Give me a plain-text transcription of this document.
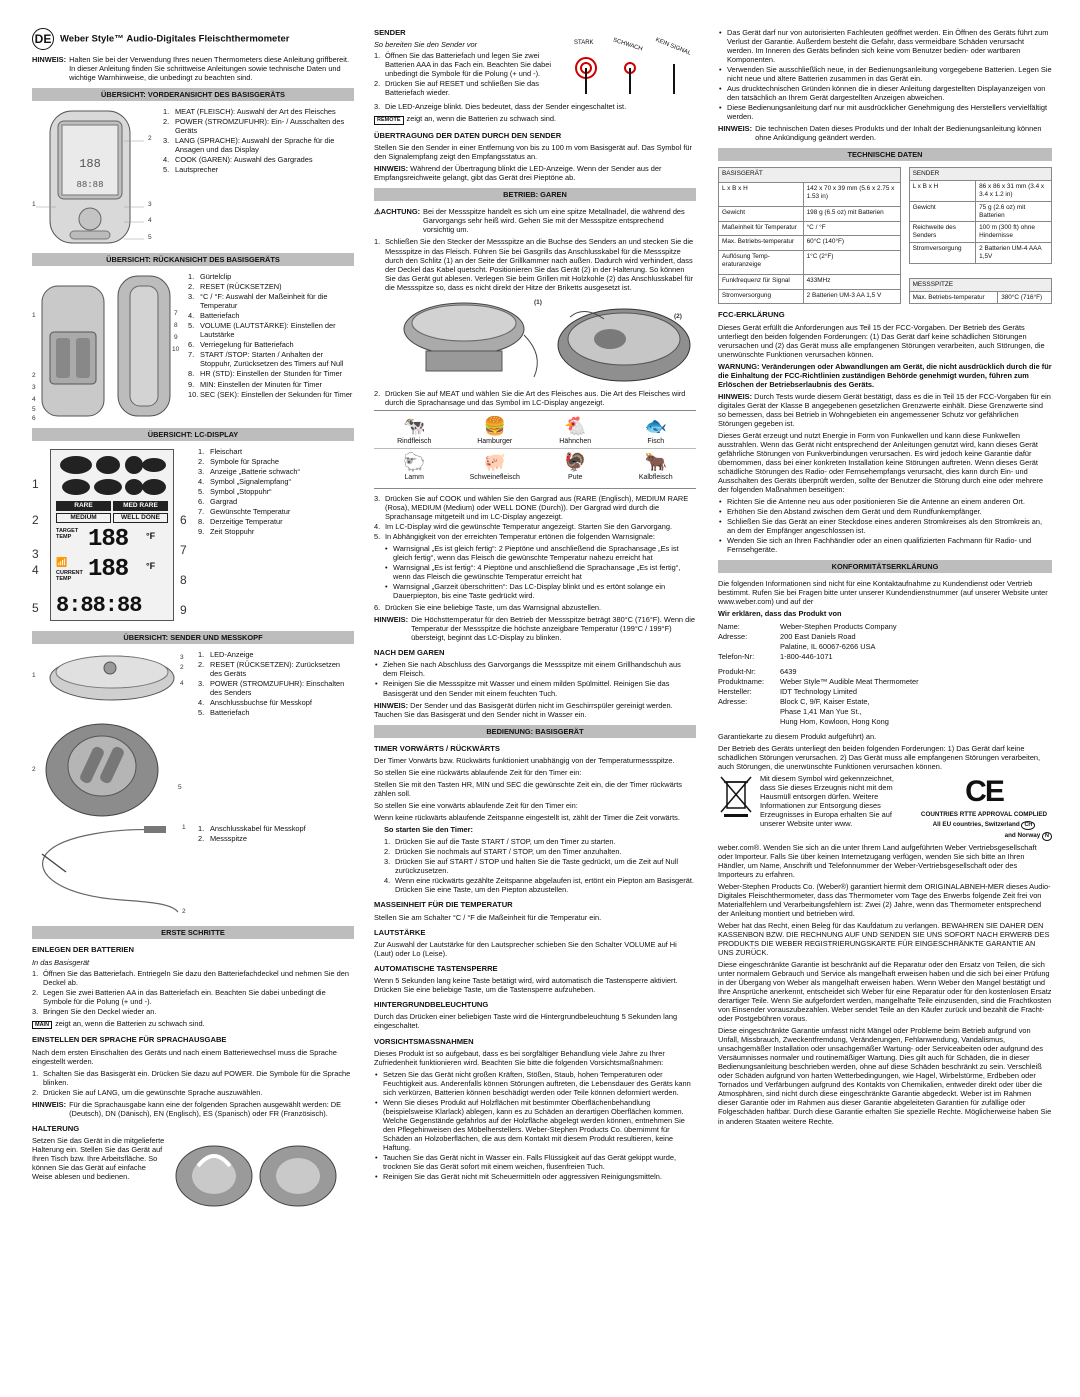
DE Weber Style™ Audio-Digitales Fleischthermometer
HINWEIS: Halten Sie bei der Verwendung Ihres neuen Thermometers diese Anleitung griffbereit. In dieser Anleitung finden Sie schrittweise Anleitungen sowie technische Daten und wichtige Warnhinweise, die unbedingt zu beachten sind.
ÜBERSICHT: VORDERANSICHT DES BASISGERÄTS
188
88:88
1
2
3
4
5
1. MEAT (FLEISCH): Auswahl der Art des Fleisches
2. POWER (STROMZUFUHR): Ein- / Ausschalten des Geräts
3. LANG (SPRACHE): Auswahl der Sprache für die Ansagen und das Display
4. COOK (GAREN): Auswahl des Gargrades
5. Lautsprecher
ÜBERSICHT: RÜCKANSICHT DES BASISGERÄTS
1
2
3
4
5
6
7
8
9
10
1. Gürtelclip
2. RESET (RÜCKSETZEN)
3. °C / °F: Auswahl der Maßeinheit für die Temperatur
4. Batteriefach
5. VOLUME (LAUTSTÄRKE): Einstellen der Lautstärke
6. Verriegelung für Batteriefach
7. START /STOP: Starten / Anhalten der Stoppuhr, Zurücksetzen des Timers auf Null
8. HR (STD): Einstellen der Stunden für Timer
9. MIN: Einstellen der Minuten für Timer
10. SEC (SEK): Einstellen der Sekunden für Timer
ÜBERSICHT: LC-DISPLAY
RARE	MED RARE
MEDIUM	WELL DONE
TARGET TEMP 188 °F
📶
CURRENT TEMP 188 °F
8:88:88
1
2
3
4
5
6
7
8
9
1. Fleischart
2. Symbole für Sprache
3. Anzeige „Batterie schwach“
4. Symbol „Signalempfang“
5. Symbol „Stoppuhr“
6. Gargrad
7. Gewünschte Temperatur
8. Derzeitige Temperatur
9. Zeit Stoppuhr
ÜBERSICHT: SENDER UND MESSKOPF
3
2
1
4
2
5
1. LED-Anzeige
2. RESET (RÜCKSETZEN): Zurücksetzen des Geräts
3. POWER (STROMZUFUHR): Einschalten des Senders
4. Anschlussbuchse für Messkopf
5. Batteriefach
1
2
1. Anschlusskabel für Messkopf
2. Messspitze
ERSTE SCHRITTE
EINLEGEN DER BATTERIEN
In das Basisgerät
1. Öffnen Sie das Batteriefach. Entriegeln Sie dazu den Batteriefachdeckel und nehmen Sie den Deckel ab.
2. Legen Sie zwei Batterien AA in das Batteriefach ein. Beachten Sie dabei unbedingt die Symbole für die Polung (+ und -).
3. Bringen Sie den Deckel wieder an.

MAIN zeigt an, wenn die Batterien zu schwach sind.

EINSTELLEN DER SPRACHE FÜR SPRACHAUSGABE

Nach dem ersten Einschalten des Geräts und nach einem Batteriewechsel muss die Sprache eingestellt werden.

1. Schalten Sie das Basisgerät ein. Drücken Sie dazu auf POWER. Die Symbole für die Sprache blinken.
2. Drücken Sie auf LANG, um die gewünschte Sprache auszuwählen.
HINWEIS: Für die Sprachausgabe kann eine der folgenden Sprachen ausgewählt werden: DE (Deutsch), DN (Dänisch), EN (Englisch), ES (Spanisch) oder FR (Französisch).
HALTERUNG

Setzen Sie das Gerät in die mitgelieferte Halterung ein. Stellen Sie das Gerät auf Ihren Tisch bzw. Ihre Arbeitsfläche. So können Sie das Gerät auf einfache Weise ablesen und bedienen.

SENDER
So bereiten Sie den Sender vor
1. Öffnen Sie das Batteriefach und legen Sie zwei Batterien AAA in das Fach ein. Beachten Sie dabei unbedingt die Symbole für die Polung (+ und -).
2. Drücken Sie auf RESET und schließen Sie das Batteriefach wieder.
STARK	SCHWACH KEIN SIGNAL
3. Die LED-Anzeige blinkt. Dies bedeutet, dass der Sender eingeschaltet ist.

REMOTE zeigt an, wenn die Batterien zu schwach sind.

ÜBERTRAGUNG DER DATEN DURCH DEN SENDER

Stellen Sie den Sender in einer Entfernung von bis zu 100 m vom Basisgerät auf. Das Symbol für den Signalempfang zeigt den Empfangsstatus an.

HINWEIS: Während der Übertragung blinkt die LED-Anzeige. Wenn der Sender aus der Empfangsreichweite gelangt, gibt das Gerät drei Pieptöne ab.

BETRIEB: GAREN
⚠ACHTUNG: Bei der Messspitze handelt es sich um eine spitze Metallnadel, die während des Garvorgangs sehr heiß wird. Gehen Sie mit der Messspitze entsprechend vorsichtig um.
1. Schließen Sie den Stecker der Messspitze an die Buchse des Senders an und stecken Sie die Messspitze in das Fleisch. Führen Sie bei Gasgrills das Anschlusskabel für die Messspitze durch den Schlitz (1) an der Seite der Grillkammer nach außen. Dadurch wird verhindert, dass der Deckel das Kabel quetscht. Positionieren Sie das Gerät (2) in der Halterung. So können Sie das Gerät gut ablesen. Verlegen Sie beim Grillen mit Holzkohle (2) das Anschlusskabel für die Messspitze so, dass es nicht direkt der Hitze der Briketts ausgesetzt ist.
(1)
(2)
2. Drücken Sie auf MEAT und wählen Sie die Art des Fleisches aus. Die Art des Fleisches wird durch die Sprachansage und das Symbol im LC-Display angezeigt.
🐄
Rindfleisch
🍔
Hamburger
🐔
Hähnchen
🐟
Fisch
🐑
Lamm
🐖
Schweinefleisch
🦃
Pute
🐂
Kalbfleisch
3. Drücken Sie auf COOK und wählen Sie den Gargrad aus (RARE (Englisch), MEDIUM RARE (Rosa), MEDIUM (Medium) oder WELL DONE (Durch)). Der Gargrad wird durch die Sprachansage mitgeteilt und im LC-Display angezeigt.
4. Im LC-Display wird die gewünschte Temperatur angezeigt. Starten Sie den Garvorgang.
5. In Abhängigkeit von der erreichten Temperatur ertönen die folgenden Warnsignale:
• Warnsignal „Es ist gleich fertig“: 2 Pieptöne und anschließend die Sprachansage „Es ist gleich fertig“, wenn das Fleisch die gewünschte Temperatur nahezu erreicht hat
• Warnsignal „Es ist fertig“: 4 Pieptöne und anschließend die Sprachansage „Es ist fertig“, wenn das Fleisch die gewünschte Temperatur erreicht hat
• Warnsignal „Garzeit überschritten“: Das LC-Display blinkt und es ertönt solange ein Dauerpiepton, bis eine Taste gedrückt wird.
6. Drücken Sie eine beliebige Taste, um das Warnsignal abzustellen.
HINWEIS: Die Höchsttemperatur für den Betrieb der Messspitze beträgt 380°C (716°F). Wenn die Temperatur der Messspitze die höchste anzeigbare Temperatur (199°C / 199°F) übersteigt, beginnt das LC-Display zu blinken.
NACH DEM GAREN
• Ziehen Sie nach Abschluss des Garvorgangs die Messspitze mit einem Grillhandschuh aus dem Fleisch.
• Reinigen Sie die Messspitze mit Wasser und einem milden Spülmittel. Reinigen Sie das Basisgerät und den Sender mit einem feuchten Tuch.

HINWEIS: Der Sender und das Basisgerät dürfen nicht im Geschirrspüler gereinigt werden. Tauchen Sie das Basisgerät und den Sender nicht in Wasser ein.

BEDIENUNG: BASISGERÄT
TIMER VORWÄRTS / RÜCKWÄRTS

Der Timer Vorwärts bzw. Rückwärts funktioniert unabhängig von der Temperaturmessspitze.

So stellen Sie eine rückwärts ablaufende Zeit für den Timer ein:

Stellen Sie mit den Tasten HR, MIN und SEC die gewünschte Zeit ein, die der Timer rückwärts zählen soll.

So stellen Sie eine vorwärts ablaufende Zeit für den Timer ein:

Wenn keine rückwärts ablaufende Zeitspanne eingestellt ist, zählt der Timer die Zeit vorwärts.

So starten Sie den Timer:

1. Drücken Sie auf die Taste START / STOP, um den Timer zu starten.
2. Drücken Sie nochmals auf START / STOP, um den Timer anzuhalten.
3. Drücken Sie auf START / STOP und halten Sie die Taste gedrückt, um die Zeit auf Null zurückzusetzen.
4. Wenn eine rückwärts gezählte Zeitspanne abgelaufen ist, ertönt ein Piepton am Basisgerät. Drücken Sie eine Taste, um den Piepton abzustellen.
MASSEINHEIT FÜR DIE TEMPERATUR

Stellen Sie am Schalter °C / °F die Maßeinheit für die Temperatur ein.

LAUTSTÄRKE

Zur Auswahl der Lautstärke für den Lautsprecher schieben Sie den Schalter VOLUME auf Hi (Laut) oder Lo (Leise).

AUTOMATISCHE TASTENSPERRE

Wenn 5 Sekunden lang keine Taste betätigt wird, wird automatisch die Tastensperre aktiviert. Drücken Sie eine beliebige Taste, um die Tastensperre aufzuheben.

HINTERGRUNDBELEUCHTUNG

Durch das Drücken einer beliebigen Taste wird die Hintergrundbeleuchtung 5 Sekunden lang eingeschaltet.

VORSICHTSMASSNAHMEN

Dieses Produkt ist so aufgebaut, dass es bei sorgfältiger Behandlung viele Jahre zu Ihrer Zufriedenheit funktionieren wird. Beachten Sie bitte die folgenden Vorsichtsmaßnahmen:

• Setzen Sie das Gerät nicht großen Kräften, Stößen, Staub, hohen Temperaturen oder Feuchtigkeit aus. Anderenfalls können Störungen auftreten, die Lebensdauer des Geräts kann sich verkürzen, Batterien können beschädigt werden oder Teile können deformiert werden.
• Wenn Sie dieses Produkt auf Holzflächen mit bestimmter Oberflächenbehandlung (beispielsweise Klarlack) ablegen, kann es zu Schäden an derartigen Oberflächen kommen. Welche Gegenstände gefahrlos auf der Holzfläche abgelegt werden können, entnehmen Sie den Pflegehinweisen des Möbelherstellers. Weber-Stephen Products Co. übernimmt für Schäden an Holzoberflächen, die aus dem Kontakt mit diesem Produkt resultieren, keine Haftung.
• Tauchen Sie das Gerät nicht in Wasser ein. Falls Flüssigkeit auf das Gerät gekippt wurde, trocknen Sie das Gerät sofort mit einem weichen, flusenfreien Tuch.
• Reinigen Sie das Gerät nicht mit Scheuermitteln oder aggressiven Reinigungsmitteln.
• Das Gerät darf nur von autorisierten Fachleuten geöffnet werden. Ein Öffnen des Geräts führt zum Verlust der Garantie. Außerdem besteht die Gefahr, dass vermeidbare Schäden verursacht werden. Im Inneren des Geräts befinden sich keine vom Benutzer bedien- oder wartbaren Komponenten.
• Verwenden Sie ausschließlich neue, in der Bedienungsanleitung vorgegebene Batterien. Legen Sie nicht neue und ältere Batterien zusammen in das Gerät ein.
• Aus drucktechnischen Gründen können die in dieser Anleitung dargestellten Displayanzeigen von den tatsächlich an Ihrem Gerät dargestellten Anzeigen abweichen.
• Diese Bedienungsanleitung darf nur mit ausdrücklicher Genehmigung des Herstellers vervielfältigt werden.
HINWEIS: Die technischen Daten dieses Produkts und der Inhalt der Bedienungsanleitung können ohne Ankündigung geändert werden.
TECHNISCHE DATEN
BASISGERÄT	
L x B x H	142 x 70 x 39 mm (5.6 x 2.75 x 1.53 in)
Gewicht	198 g (6.5 oz) mit Batterien
Maßeinheit für Temperatur	°C / °F
Max. Betriebs-temperatur	60°C (140°F)
Auflösung Temp-eraturanzeige	1°C (2°F)
Funkfrequenz für Signal	433MHz
Stromversorgung	2 Batterien UM-3 AA 1,5 V
SENDER	
L x B x H	86 x 86 x 31 mm (3.4 x 3.4 x 1.2 in)
Gewicht	75 g (2.6 oz) mit Batterien
Reichweite des Senders	100 m (300 ft) ohne Hindernisse
Stromversorgung	2 Batterien UM-4 AAA 1,5V
MESSSPITZE
Max. Betriebs-temperatur	380°C (716°F)
FCC-ERKLÄRUNG

Dieses Gerät erfüllt die Anforderungen aus Teil 15 der FCC-Vorgaben. Der Betrieb des Geräts unterliegt den beiden folgenden Forderungen: (1) Das Gerät darf keine schädlichen Störungen verursachen und (2) das Gerät muss alle empfangenen Störungen verarbeiten, auch Störungen, die unerwünschte Funktionen verursachen können.

WARNUNG: Veränderungen oder Abwandlungen am Gerät, die nicht ausdrücklich durch die für die Einhaltung der FCC-Richtlinien zuständigen Behörde genehmigt wurden, führen zum Erlöschen der Betriebserlaubnis des Geräts.

HINWEIS: Durch Tests wurde diesem Gerät bestätigt, dass es die in Teil 15 der FCC-Vorgaben für ein digitales Gerät der Klasse B angegebenen gesetzlichen Grenzwerte einhält. Diese Grenzwerte sind so bemessen, dass bei Betrieb in Wohngebieten ein angemessener Schutz vor gefährlichen Störungen gegeben ist.

Dieses Gerät erzeugt und nutzt Energie in Form von Funkwellen und kann diese Funkwellen ausstrahlen. Wenn das Gerät nicht entsprechend der Anleitungen genutzt wird, kann dieses Gerät gefährliche Störungen von Funkverbindungen verursachen. Es wird jedoch keine Garantie dafür übernommen, dass bei einer konkreten Installation keine Störungen auftreten. Wenn dieses Gerät schädliche Störungen des Radio- oder Fernsehempfangs verursacht, dies kann durch Ein- und Ausschalten des Geräts überprüft werden, sollte der Benutzer die Störung durch eine oder mehrere der folgenden Maßnahmen beseitigen:

• Richten Sie die Antenne neu aus oder positionieren Sie die Antenne an einem anderen Ort.
• Erhöhen Sie den Abstand zwischen dem Gerät und dem Rundfunkempfänger.
• Schließen Sie das Gerät an einer Steckdose eines anderen Stromkreises als den Stromkreis an, an dem der Empfänger angeschlossen ist.
• Wenden Sie sich an Ihren Fachhändler oder an einen qualifizierten Fachmann für Radio- und Fernsehgeräte.
KONFORMITÄTSERKLÄRUNG

Die folgenden Informationen sind nicht für eine Kontaktaufnahme zu Kundendienst oder Vertrieb bestimmt. Rufen Sie bei Fragen bitte unter unserer Kundendienstnummer (auf unserer Website unter www.weber.com) und auf der

Wir erklären, dass das Produkt von

Name:	Weber-Stephen Products Company
Adresse:	200 East Daniels Road
Palatine, IL 60067-6266 USA
Telefon-Nr:	1-800-446-1071
Produkt-Nr:	6439
Produktname:	Weber Style™ Audible Meat Thermometer
Hersteller:	IDT Technology Limited
Adresse:	Block C, 9/F, Kaiser Estate,
Phase 1,41 Man Yue St.,
Hung Hom, Kowloon, Hong Kong

Garantiekarte zu diesem Produkt aufgeführt) an.

Der Betrieb des Geräts unterliegt den beiden folgenden Forderungen: 1) Das Gerät darf keine schädlichen Störungen verursachen. 2) Das Gerät muss alle empfangenen Störungen verarbeiten, auch Störungen, die unerwünschte Funktionen verursachen können.

Mit diesem Symbol wird gekennzeichnet, dass Sie dieses Erzeugnis nicht mit dem Hausmüll entsorgen dürfen. Weitere Informationen zur Entsorgung dieses Erzeugnisses in Europa erhalten Sie auf unserer Website unter www.

CE
COUNTRIES RTTE APPROVAL COMPLIED
All EU countries, Switzerland CH
and Norway N

weber.com®. Wenden Sie sich an die unter Ihrem Land aufgeführten Weber Vertriebsgesellschaft oder Importeur. Falls Sie über keinen Internetzugang verfügen, wenden Sie sich bitte an Ihren Händler, um Name, Anschrift und Telefonnummer der Weber-Vertriebsgesellschaft oder des Importeurs zu erfahren.

Weber-Stephen Products Co. (Weber®) garantiert hiermit dem ORIGINALABNEH-MER dieses Audio-Digitales Fleischthermometer, dass das Thermometer vom Tage des Erwerbs folgende Zeit frei von Materialfehlern und Verarbeitungsfehlern ist: Zwei (2) Jahre, wenn das Thermometer entsprechend der Anleitung montiert und betrieben wird.

Weber hat das Recht, einen Beleg für das Kaufdatum zu verlangen. BEWAHREN SIE DAHER DEN KASSENBON BZW. DIE RECHNUNG AUF UND SENDEN SIE UNS SOFORT NACH ERWERB DES PRODUKTS DIE WEBER REGISTRIERUNGSKARTE FÜR EINGESCHRÄNKTE GARANTIE AN UNS ZURÜCK.

Diese eingeschränkte Garantie ist beschränkt auf die Reparatur oder den Ersatz von Teilen, die sich unter normalem Gebrauch und Service als mangelhaft erweisen haben und die sich bei einer Prüfung in der Übergang von Weber als mangelhaft erweisen haben. Wenn Weber den Mangel bestätigt und Ihre Ansprüche anerkennt, entscheidet sich Weber für eine Reparatur oder für den kostenlosen Ersatz derartiger Teile. Wenn Sie aufgefordert werden, mangelhafte Teile einzusenden, sind die Frachtkosten von Einsender vorauszubezahlen. Weber sendet Teile an den Käufer zurück und bezahlt die Fracht- oder Postgebühren voraus.

Diese eingeschränkte Garantie umfasst nicht Mängel oder Probleme beim Betrieb aufgrund von Unfall, Missbrauch, Zweckentfremdung, Veränderungen, Fehlanwendung, Vandalismus, unsachgemäßer Installation oder unsachgemäßer Wartung- oder Serviceabeiten oder aufgrund des Versäumnisses normaler und routinemäßiger Wartung. Dies gilt auch für Schäden, die in dieser Bedienungsanleitung beschrieben werden, ohne auf diese Schäden beschränkt zu sein. Verschleiß oder Schäden aufgrund von harten Wetterbedingungen, wie Hagel, Wirbelstürme, Erdbeben oder Tornados und Verfärbungen aufgrund des Kontakts von Chemikalien, entweder direkt oder über die Atmosphären, sind nicht durch diese eingeschränkte Garantie abgedeckt. Weber ist im Rahmen dieser Garantie oder im Rahmen aus dieser Garantie abgeleiteten Garantien für zufällige oder Folgeschäden haftbar. Durch diese Garantie erhalten Sie spezielle Rechte. Möglicherweise haben Sie in anderen Staaten weitere Rechte.
